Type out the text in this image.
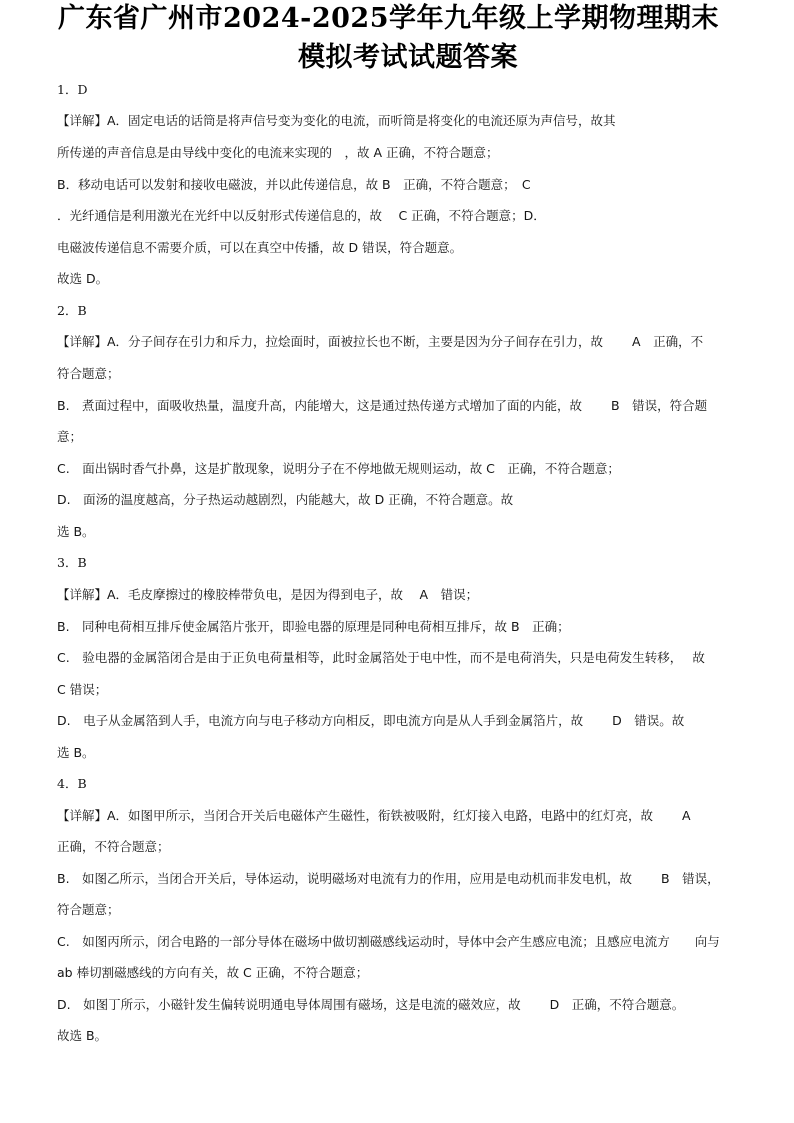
广东省广州市2024-2025学年九年级上学期物理期末
模拟考试试题答案
1．D
【详解】A．固定电话的话筒是将声信号变为变化的电流，而听筒是将变化的电流还原为声信号，故其
所传递的声音信息是由导线中变化的电流来实现的　，故 A 正确，不符合题意；
B．移动电话可以发射和接收电磁波，并以此传递信息，故 B　正确，不符合题意；　C
．光纤通信是利用激光在光纤中以反射形式传递信息的，故　 C 正确，不符合题意；D．
电磁波传递信息不需要介质，可以在真空中传播，故 D 错误，符合题意。
故选 D。
2．B
【详解】A．分子间存在引力和斥力，拉烩面时，面被拉长也不断，主要是因为分子间存在引力，故　　 A　正确，不
符合题意；
B.　煮面过程中，面吸收热量，温度升高，内能增大，这是通过热传递方式增加了面的内能，故　　 B　错误，符合题
意；
C.　面出锅时香气扑鼻，这是扩散现象，说明分子在不停地做无规则运动，故 C　正确，不符合题意；
D.　面汤的温度越高，分子热运动越剧烈，内能越大，故 D 正确，不符合题意。故
选 B。
3．B
【详解】A．毛皮摩擦过的橡胶棒带负电，是因为得到电子，故　 A　错误；
B.　同种电荷相互排斥使金属箔片张开，即验电器的原理是同种电荷相互排斥，故 B　正确；
C.　验电器的金属箔闭合是由于正负电荷量相等，此时金属箔处于电中性，而不是电荷消失，只是电荷发生转移，　 故
C 错误；
D.　电子从金属箔到人手，电流方向与电子移动方向相反，即电流方向是从人手到金属箔片，故　　 D　错误。故
选 B。
4．B
【详解】A．如图甲所示，当闭合开关后电磁体产生磁性，衔铁被吸附，红灯接入电路，电路中的红灯亮，故　　 A
正确，不符合题意；
B.　如图乙所示，当闭合开关后，导体运动，说明磁场对电流有力的作用，应用是电动机而非发电机，故　　 B　错误，
符合题意；
C.　如图丙所示，闭合电路的一部分导体在磁场中做切割磁感线运动时，导体中会产生感应电流；且感应电流方　　向与
ab 棒切割磁感线的方向有关，故 C 正确，不符合题意；
D.　如图丁所示，小磁针发生偏转说明通电导体周围有磁场，这是电流的磁效应，故　　 D　正确，不符合题意。
故选 B。
